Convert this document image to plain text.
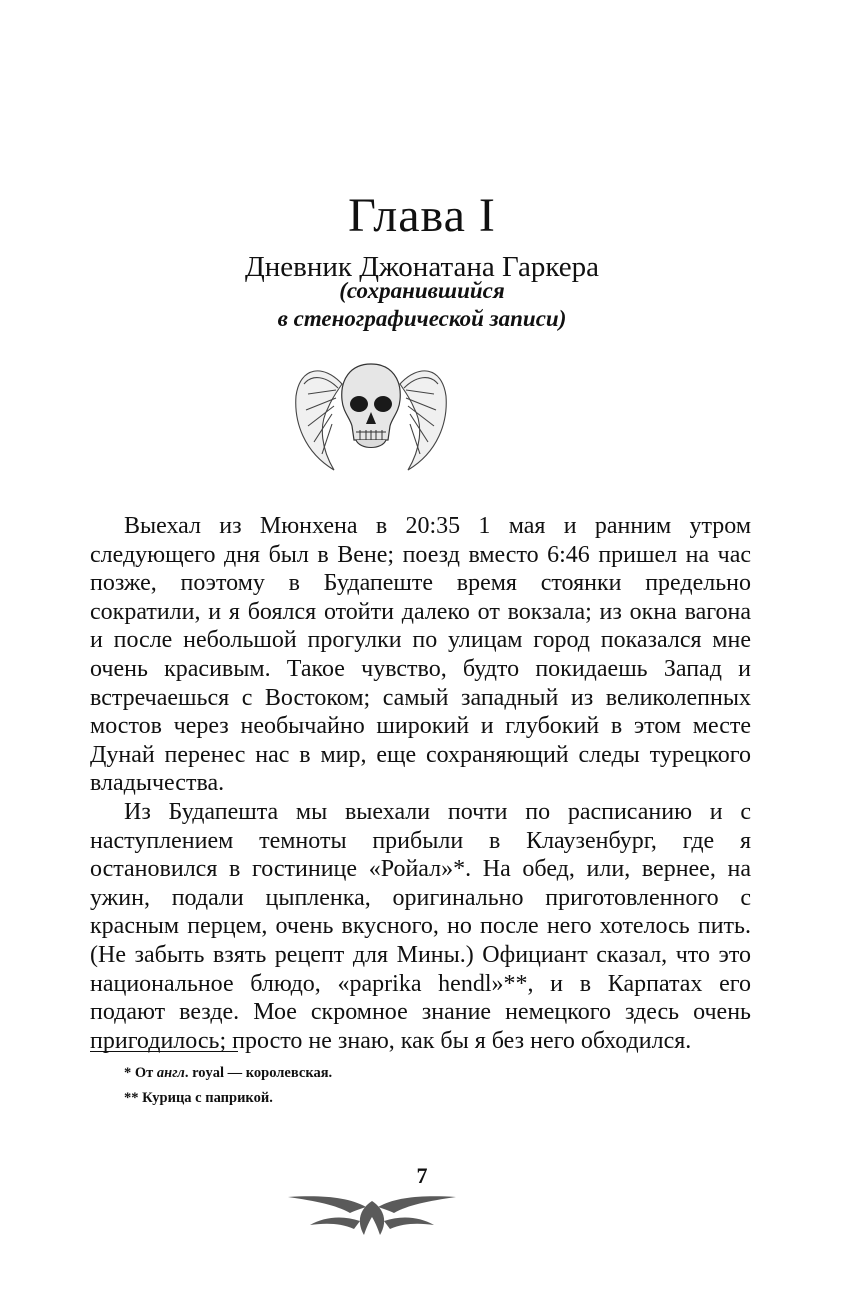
Глава I
Дневник Джонатана Гаркера
(сохранившийся
в стенографической записи)

Выехал из Мюнхена в 20:35 1 мая и ранним утром следующего дня был в Вене; поезд вместо 6:46 пришел на час позже, поэтому в Будапеште время стоянки предельно сократили, и я боялся отойти далеко от вокзала; из окна вагона и после небольшой прогулки по улицам город показался мне очень красивым. Такое чувство, будто покидаешь Запад и встречаешься с Востоком; самый западный из великолепных мостов через необычайно широкий и глубокий в этом месте Дунай перенес нас в мир, еще сохраняющий следы турецкого владычества.

Из Будапешта мы выехали почти по расписанию и с наступлением темноты прибыли в Клаузенбург, где я остановился в гостинице «Ройал»*. На обед, или, вернее, на ужин, подали цыпленка, оригинально приготовленного с красным перцем, очень вкусного, но после него хотелось пить. (Не забыть взять рецепт для Мины.) Официант сказал, что это национальное блюдо, «paprika hendl»**, и в Карпатах его подают везде. Мое скромное знание немецкого здесь очень пригодилось; просто не знаю, как бы я без него обходился.

* От англ. royal — королевская.
** Курица с паприкой.
7
